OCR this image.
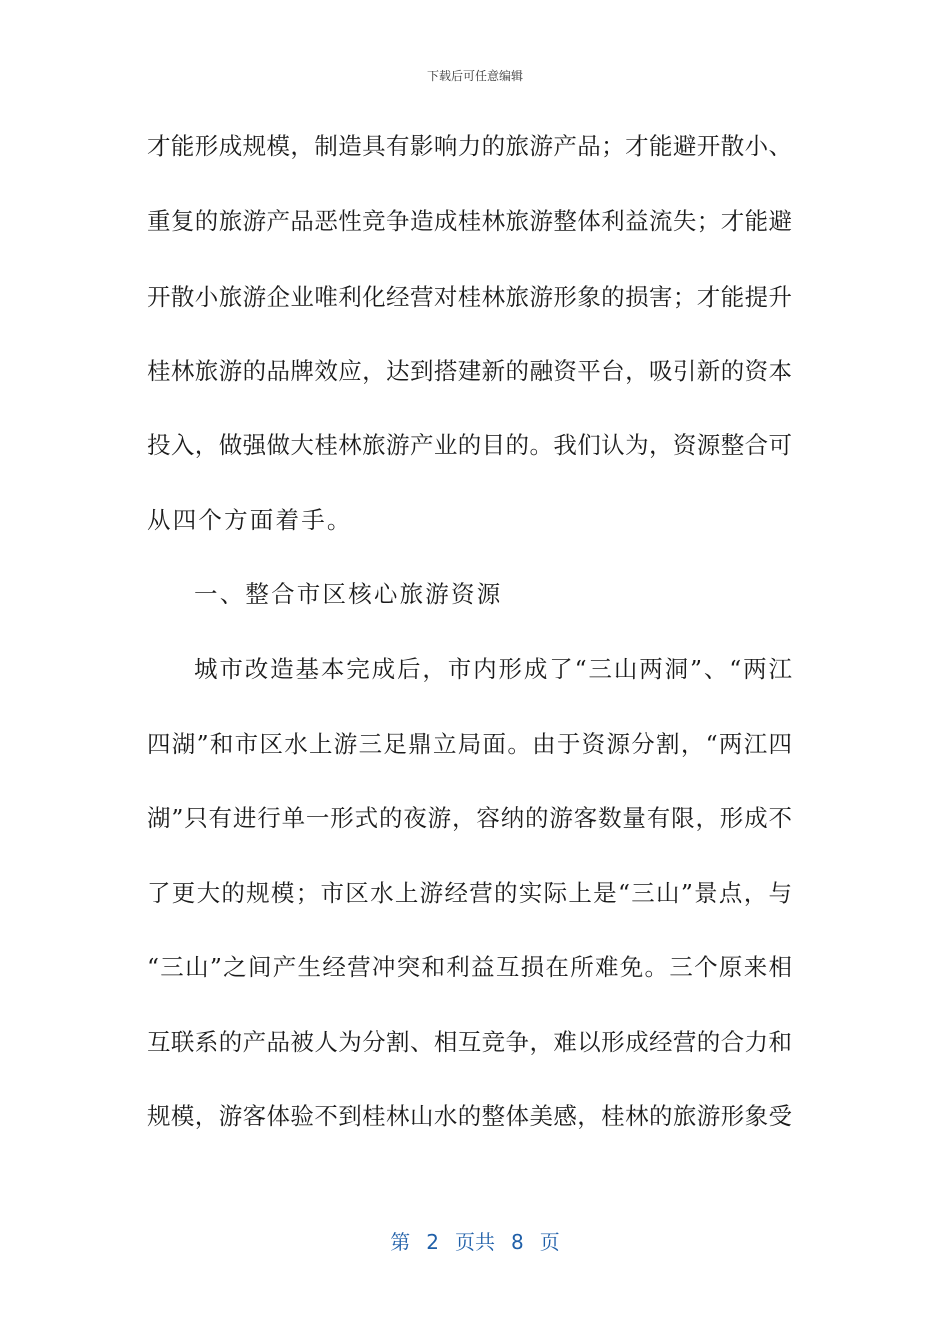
下载后可任意编辑
才能形成规模，制造具有影响力的旅游产品；才能避开散小、
重复的旅游产品恶性竞争造成桂林旅游整体利益流失；才能避
开散小旅游企业唯利化经营对桂林旅游形象的损害；才能提升
桂林旅游的品牌效应，达到搭建新的融资平台，吸引新的资本
投入，做强做大桂林旅游产业的目的。我们认为，资源整合可
从四个方面着手。
一、整合市区核心旅游资源
城市改造基本完成后，市内形成了“三山两洞”、“两江
四湖”和市区水上游三足鼎立局面。由于资源分割，“两江四
湖”只有进行单一形式的夜游，容纳的游客数量有限，形成不
了更大的规模；市区水上游经营的实际上是“三山”景点，与
“三山”之间产生经营冲突和利益互损在所难免。三个原来相
互联系的产品被人为分割、相互竞争，难以形成经营的合力和
规模，游客体验不到桂林山水的整体美感，桂林的旅游形象受
第 2 页共 8 页
